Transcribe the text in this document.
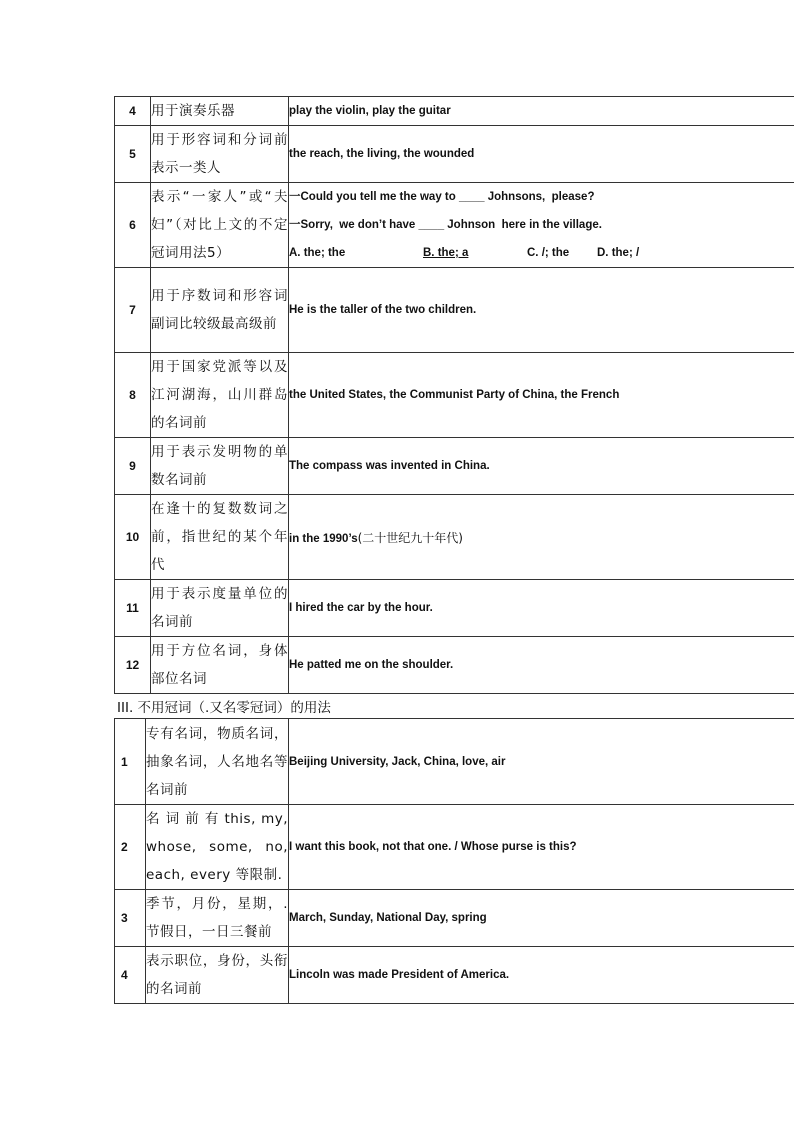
4	用于演奏乐器	play the violin, play the guitar
5	用于形容词和分词前表示一类人	the reach, the living, the wounded
6	表示“一家人”或“夫妇”（对比上文的不定冠词用法5）	一Could you tell me the way to ____ Johnsons,  please?
一Sorry,  we don’t have ____ Johnson  here in the village.
A. the; the B. the; a C. /; the D. the; /

7	用于序数词和形容词副词比较级最高级前	He is the taller of the two children.
8	用于国家党派等以及江河湖海，山川群岛的名词前	the United States, the Communist Party of China, the French
9	用于表示发明物的单数名词前	The compass was invented in China.
10	在逢十的复数数词之前，指世纪的某个年代	in the 1990’s(二十世纪九十年代)
11	用于表示度量单位的名词前	I hired the car by the hour.
12	用于方位名词，身体部位名词	He patted me on the shoulder.
III. 不用冠词（.又名零冠词）的用法
1	专有名词，物质名词，抽象名词，人名地名等名词前	Beijing University, Jack, China, love, air
2	名 词 前 有 this, my, whose, some, no, each, every 等限制.	I want this book, not that one. / Whose purse is this?
3	季节，月份，星期，.节假日，一日三餐前	March, Sunday, National Day, spring
4	表示职位，身份，头衔的名词前	Lincoln was made President of America.
